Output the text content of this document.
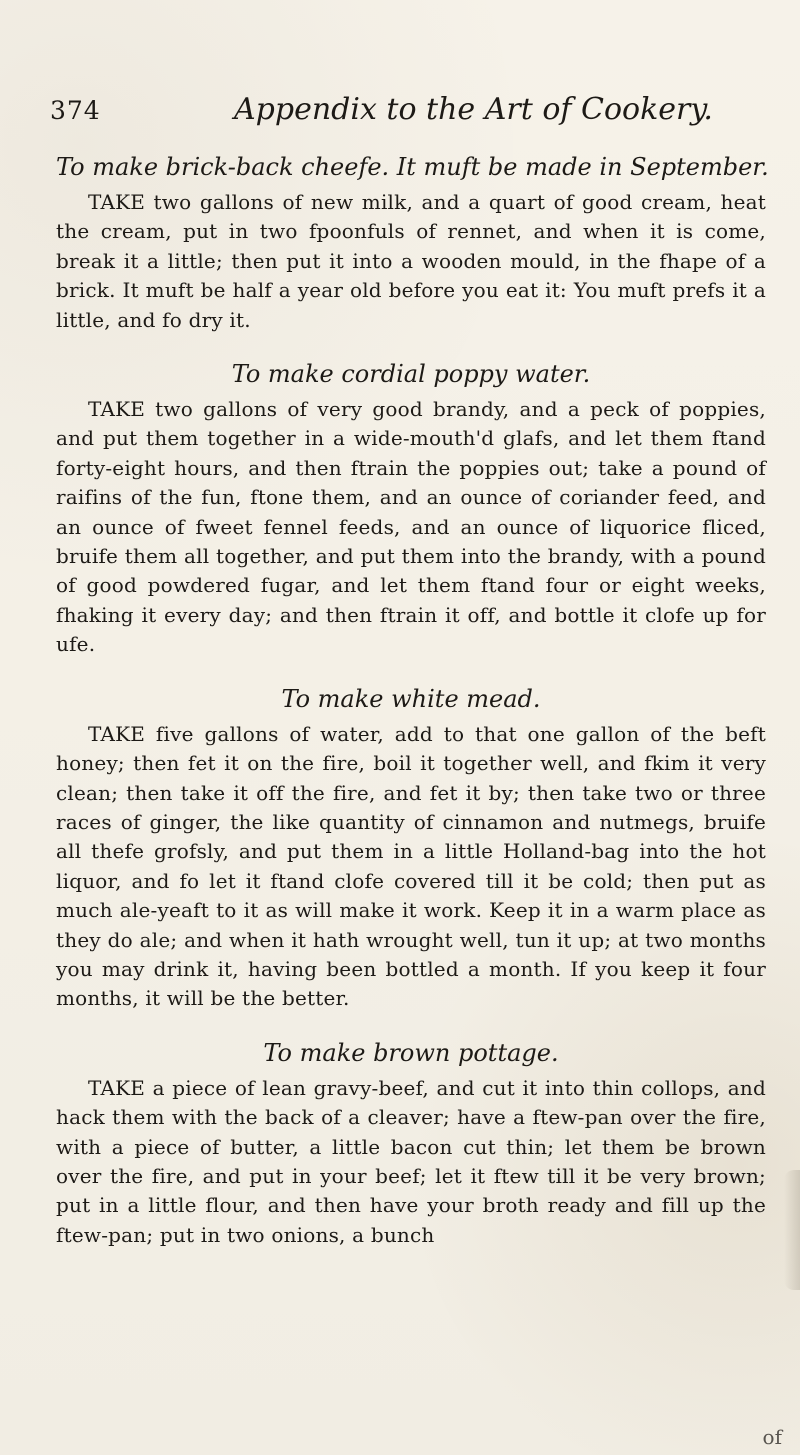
374	Appendix to the Art of Cookery.
To make brick-back cheefe. It muft be made in September.

TAKE two gallons of new milk, and a quart of good cream, heat the cream, put in two fpoonfuls of rennet, and when it is come, break it a little; then put it into a wooden mould, in the fhape of a brick. It muft be half a year old before you eat it: You muft prefs it a little, and fo dry it.

To make cordial poppy water.

TAKE two gallons of very good brandy, and a peck of poppies, and put them together in a wide-mouth'd glafs, and let them ftand forty-eight hours, and then ftrain the poppies out; take a pound of raifins of the fun, ftone them, and an ounce of coriander feed, and an ounce of fweet fennel feeds, and an ounce of liquorice fliced, bruife them all together, and put them into the brandy, with a pound of good powdered fugar, and let them ftand four or eight weeks, fhaking it every day; and then ftrain it off, and bottle it clofe up for ufe.

To make white mead.

TAKE five gallons of water, add to that one gallon of the beft honey; then fet it on the fire, boil it together well, and fkim it very clean; then take it off the fire, and fet it by; then take two or three races of ginger, the like quantity of cinnamon and nutmegs, bruife all thefe grofsly, and put them in a little Holland-bag into the hot liquor, and fo let it ftand clofe covered till it be cold; then put as much ale-yeaft to it as will make it work. Keep it in a warm place as they do ale; and when it hath wrought well, tun it up; at two months you may drink it, having been bottled a month. If you keep it four months, it will be the better.

To make brown pottage.

TAKE a piece of lean gravy-beef, and cut it into thin collops, and hack them with the back of a cleaver; have a ftew-pan over the fire, with a piece of butter, a little bacon cut thin; let them be brown over the fire, and put in your beef; let it ftew till it be very brown; put in a little flour, and then have your broth ready and fill up the ftew-pan; put in two onions, a bunch

of
